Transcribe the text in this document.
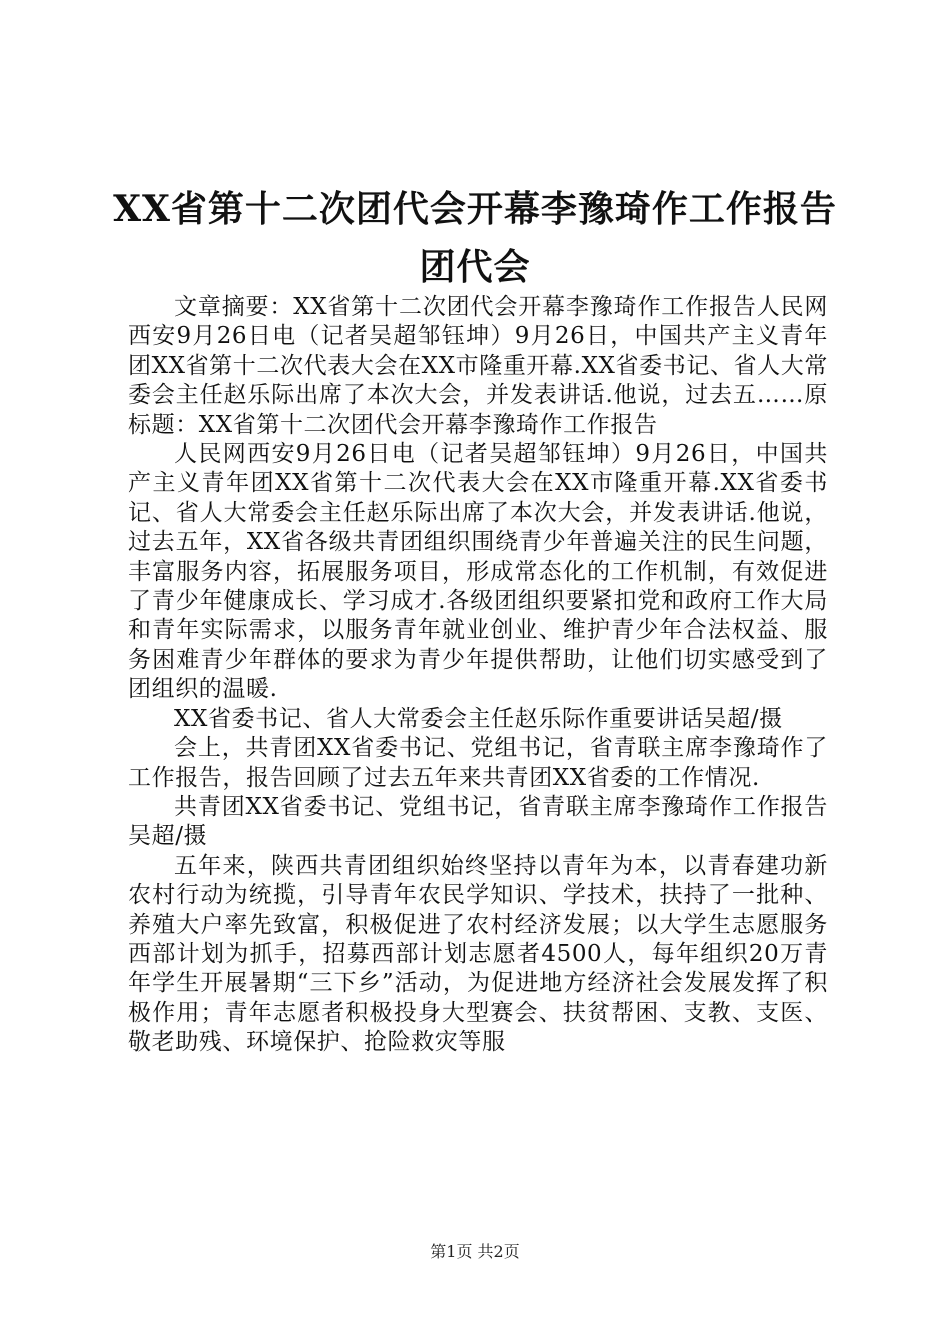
XX省第十二次团代会开幕李豫琦作工作报告
团代会

文章摘要：XX省第十二次团代会开幕李豫琦作工作报告人民网西安9月26日电（记者吴超邹钰坤）9月26日，中国共产主义青年团XX省第十二次代表大会在XX市隆重开幕.XX省委书记、省人大常委会主任赵乐际出席了本次大会，并发表讲话.他说，过去五……原标题：XX省第十二次团代会开幕李豫琦作工作报告

人民网西安9月26日电（记者吴超邹钰坤）9月26日，中国共产主义青年团XX省第十二次代表大会在XX市隆重开幕.XX省委书记、省人大常委会主任赵乐际出席了本次大会，并发表讲话.他说，过去五年，XX省各级共青团组织围绕青少年普遍关注的民生问题，丰富服务内容，拓展服务项目，形成常态化的工作机制，有效促进了青少年健康成长、学习成才.各级团组织要紧扣党和政府工作大局和青年实际需求，以服务青年就业创业、维护青少年合法权益、服务困难青少年群体的要求为青少年提供帮助，让他们切实感受到了团组织的温暖.

XX省委书记、省人大常委会主任赵乐际作重要讲话吴超/摄

会上，共青团XX省委书记、党组书记，省青联主席李豫琦作了工作报告，报告回顾了过去五年来共青团XX省委的工作情况.

共青团XX省委书记、党组书记，省青联主席李豫琦作工作报告吴超/摄

五年来，陕西共青团组织始终坚持以青年为本，以青春建功新农村行动为统揽，引导青年农民学知识、学技术，扶持了一批种、养殖大户率先致富，积极促进了农村经济发展；以大学生志愿服务西部计划为抓手，招募西部计划志愿者4500人，每年组织20万青年学生开展暑期“三下乡”活动，为促进地方经济社会发展发挥了积极作用；青年志愿者积极投身大型赛会、扶贫帮困、支教、支医、敬老助残、环境保护、抢险救灾等服

第1页 共2页
